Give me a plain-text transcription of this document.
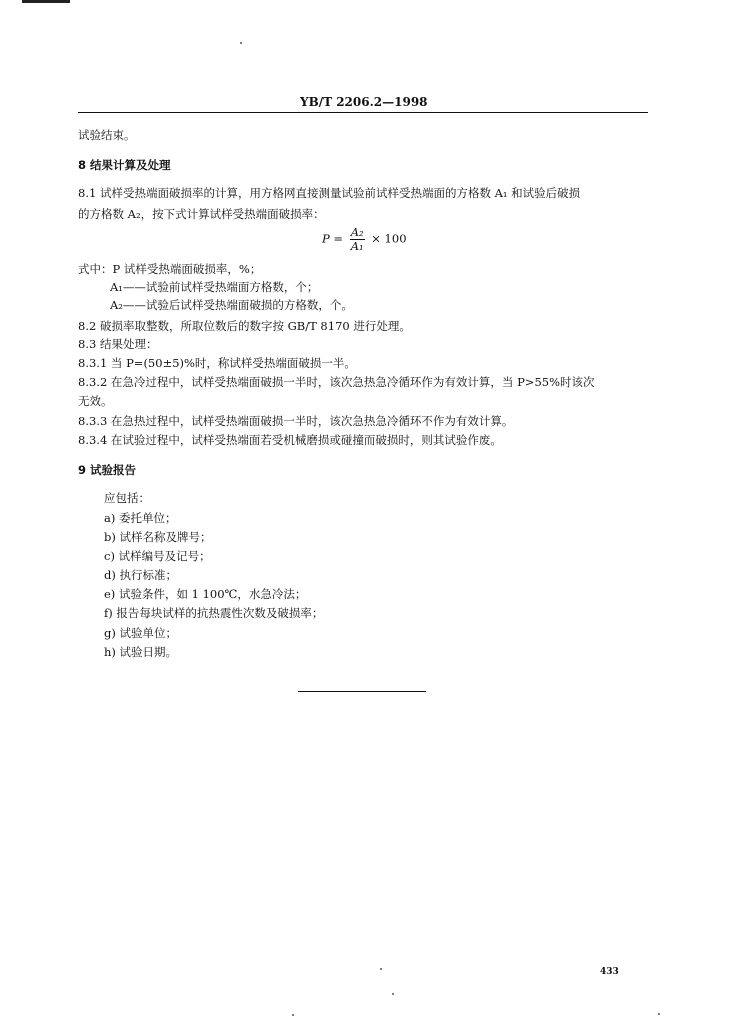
YB/T 2206.2—1998
试验结束。
8 结果计算及处理
8.1 试样受热端面破损率的计算，用方格网直接测量试验前试样受热端面的方格数 A₁ 和试验后破损
的方格数 A₂，按下式计算试样受热端面破损率：
$P = \frac{\text{A₂}}{\text{A₁}} \times 100$
式中：P 试样受热端面破损率，%；
A₁——试验前试样受热端面方格数，个；
A₂——试验后试样受热端面破损的方格数，个。
8.2 破损率取整数，所取位数后的数字按 GB/T 8170 进行处理。
8.3 结果处理：
8.3.1 当 P=(50±5)%时，称试样受热端面破损一半。
8.3.2 在急冷过程中，试样受热端面破损一半时，该次急热急冷循环作为有效计算，当 P>55%时该次
无效。
8.3.3 在急热过程中，试样受热端面破损一半时，该次急热急冷循环不作为有效计算。
8.3.4 在试验过程中，试样受热端面若受机械磨损或碰撞而破损时，则其试验作废。
9 试验报告
应包括：
a) 委托单位；
b) 试样名称及牌号；
c) 试样编号及记号；
d) 执行标准；
e) 试验条件，如 1 100℃，水急冷法；
f) 报告每块试样的抗热震性次数及破损率；
g) 试验单位；
h) 试验日期。
433
